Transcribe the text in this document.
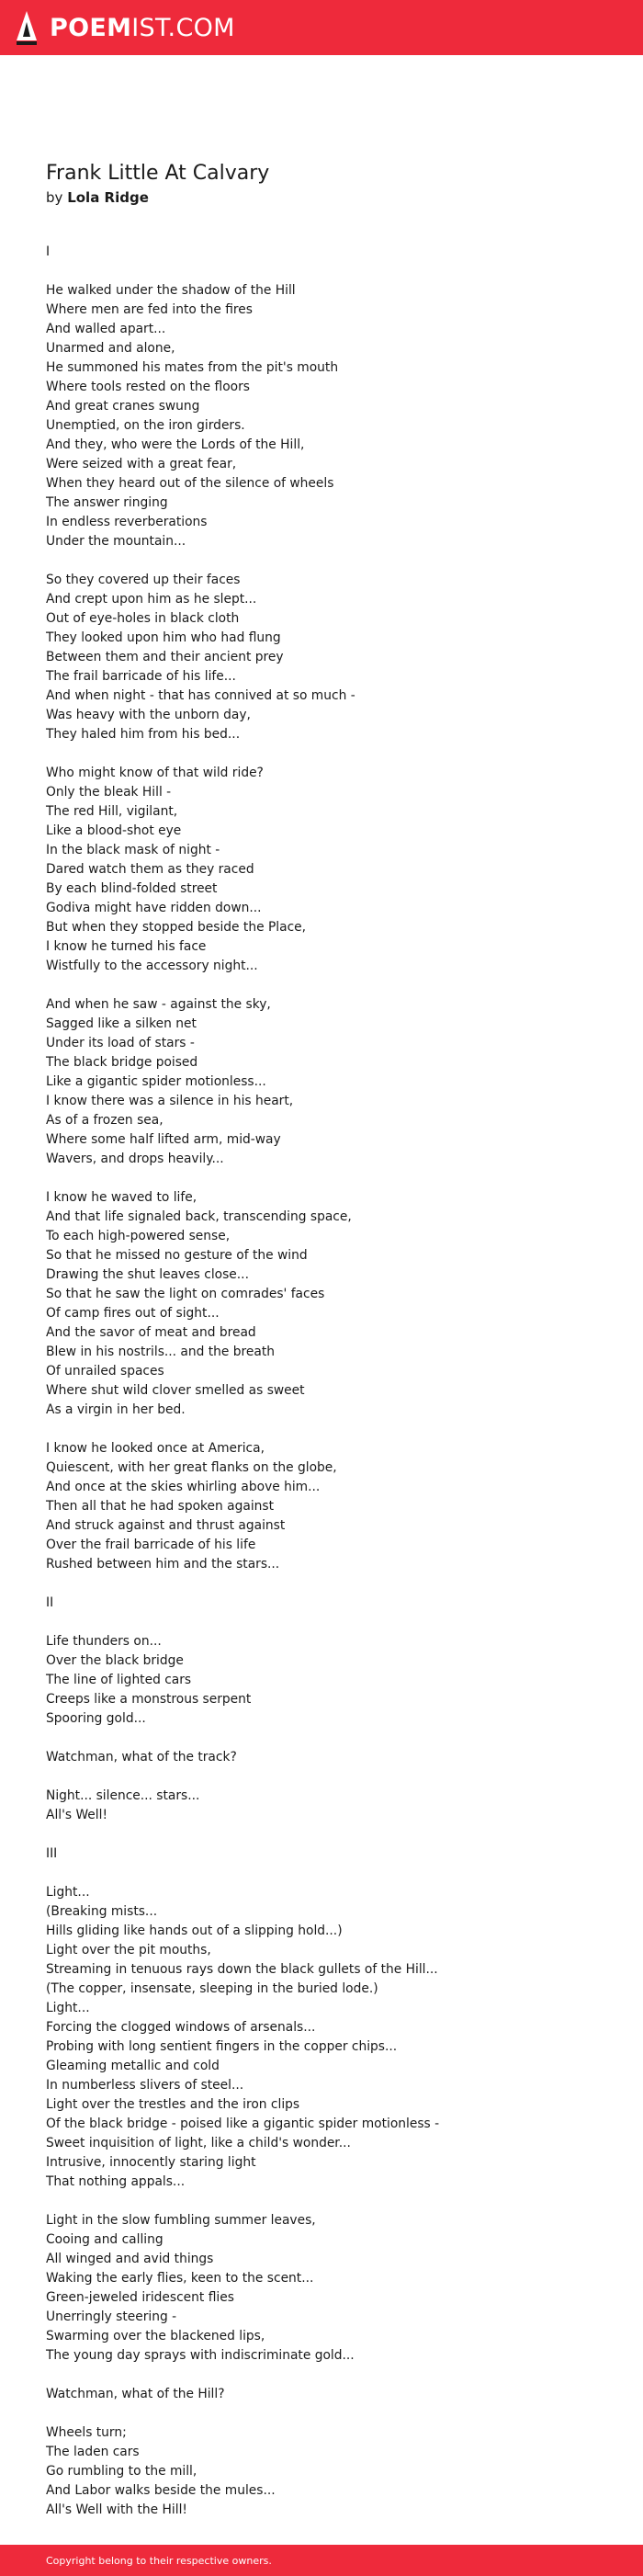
POEMIST.COM
Frank Little At Calvary

by Lola Ridge

I
He walked under the shadow of the Hill
Where men are fed into the fires
And walled apart...
Unarmed and alone,
He summoned his mates from the pit's mouth
Where tools rested on the floors
And great cranes swung
Unemptied, on the iron girders.
And they, who were the Lords of the Hill,
Were seized with a great fear,
When they heard out of the silence of wheels
The answer ringing
In endless reverberations
Under the mountain...
So they covered up their faces
And crept upon him as he slept...
Out of eye-holes in black cloth
They looked upon him who had flung
Between them and their ancient prey
The frail barricade of his life...
And when night - that has connived at so much -
Was heavy with the unborn day,
They haled him from his bed...
Who might know of that wild ride?
Only the bleak Hill -
The red Hill, vigilant,
Like a blood-shot eye
In the black mask of night -
Dared watch them as they raced
By each blind-folded street
Godiva might have ridden down...
But when they stopped beside the Place,
I know he turned his face
Wistfully to the accessory night...
And when he saw - against the sky,
Sagged like a silken net
Under its load of stars -
The black bridge poised
Like a gigantic spider motionless...
I know there was a silence in his heart,
As of a frozen sea,
Where some half lifted arm, mid-way
Wavers, and drops heavily...
I know he waved to life,
And that life signaled back, transcending space,
To each high-powered sense,
So that he missed no gesture of the wind
Drawing the shut leaves close...
So that he saw the light on comrades' faces
Of camp fires out of sight...
And the savor of meat and bread
Blew in his nostrils... and the breath
Of unrailed spaces
Where shut wild clover smelled as sweet
As a virgin in her bed.
I know he looked once at America,
Quiescent, with her great flanks on the globe,
And once at the skies whirling above him...
Then all that he had spoken against
And struck against and thrust against
Over the frail barricade of his life
Rushed between him and the stars...
II
Life thunders on...
Over the black bridge
The line of lighted cars
Creeps like a monstrous serpent
Spooring gold...
Watchman, what of the track?
Night... silence... stars...
All's Well!
III
Light...
(Breaking mists...
Hills gliding like hands out of a slipping hold...)
Light over the pit mouths,
Streaming in tenuous rays down the black gullets of the Hill...
(The copper, insensate, sleeping in the buried lode.)
Light...
Forcing the clogged windows of arsenals...
Probing with long sentient fingers in the copper chips...
Gleaming metallic and cold
In numberless slivers of steel...
Light over the trestles and the iron clips
Of the black bridge - poised like a gigantic spider motionless -
Sweet inquisition of light, like a child's wonder...
Intrusive, innocently staring light
That nothing appals...
Light in the slow fumbling summer leaves,
Cooing and calling
All winged and avid things
Waking the early flies, keen to the scent...
Green-jeweled iridescent flies
Unerringly steering -
Swarming over the blackened lips,
The young day sprays with indiscriminate gold...
Watchman, what of the Hill?
Wheels turn;
The laden cars
Go rumbling to the mill,
And Labor walks beside the mules...
All's Well with the Hill!
Copyright belong to their respective owners.
